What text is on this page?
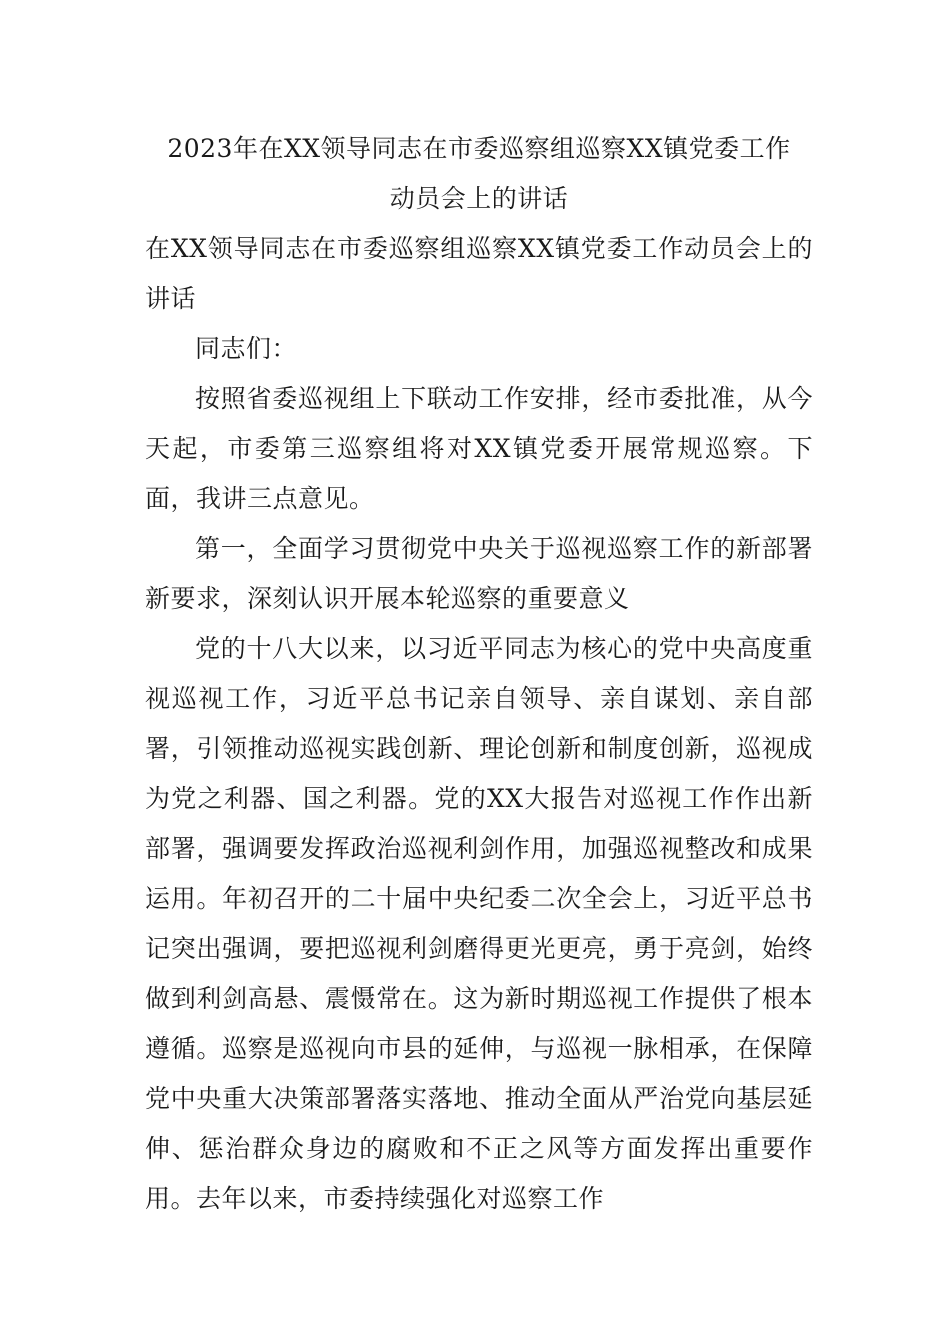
2023年在XX领导同志在市委巡察组巡察XX镇党委工作

动员会上的讲话

在XX领导同志在市委巡察组巡察XX镇党委工作动员会上的讲话

同志们：

按照省委巡视组上下联动工作安排，经市委批准，从今天起，市委第三巡察组将对XX镇党委开展常规巡察。下面，我讲三点意见。

第一，全面学习贯彻党中央关于巡视巡察工作的新部署新要求，深刻认识开展本轮巡察的重要意义

党的十八大以来，以习近平同志为核心的党中央高度重视巡视工作，习近平总书记亲自领导、亲自谋划、亲自部署，引领推动巡视实践创新、理论创新和制度创新，巡视成为党之利器、国之利器。党的XX大报告对巡视工作作出新部署，强调要发挥政治巡视利剑作用，加强巡视整改和成果运用。年初召开的二十届中央纪委二次全会上，习近平总书记突出强调，要把巡视利剑磨得更光更亮，勇于亮剑，始终做到利剑高悬、震慑常在。这为新时期巡视工作提供了根本遵循。巡察是巡视向市县的延伸，与巡视一脉相承，在保障党中央重大决策部署落实落地、推动全面从严治党向基层延伸、惩治群众身边的腐败和不正之风等方面发挥出重要作用。去年以来，市委持续强化对巡察工作
